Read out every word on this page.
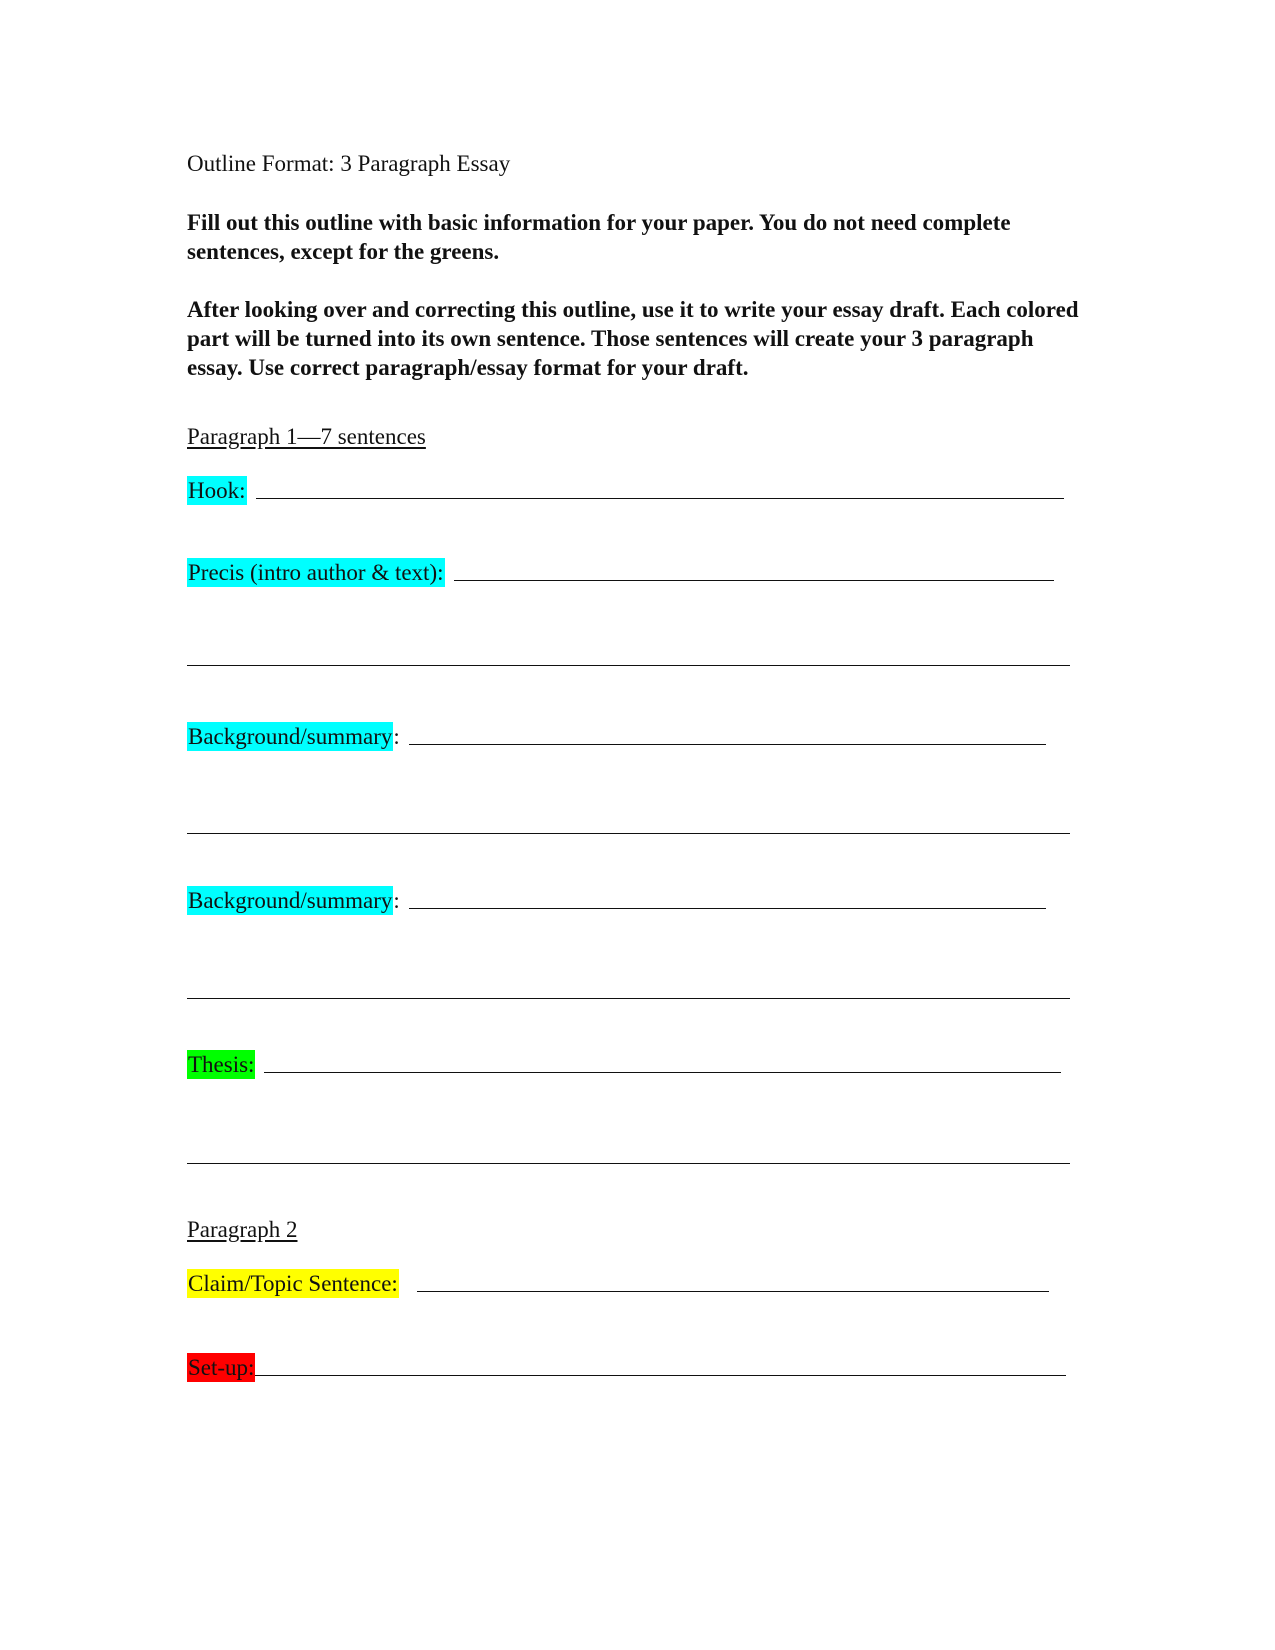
Outline Format: 3 Paragraph Essay
Fill out this outline with basic information for your paper. You do not need complete sentences, except for the greens.
After looking over and correcting this outline, use it to write your essay draft. Each colored part will be turned into its own sentence. Those sentences will create your 3 paragraph essay. Use correct paragraph/essay format for your draft.
Paragraph 1—7 sentences
Hook:
Precis (intro author & text):
Background/summary :
Background/summary :
Thesis:
Paragraph 2
Claim/Topic Sentence:
Set-up:
